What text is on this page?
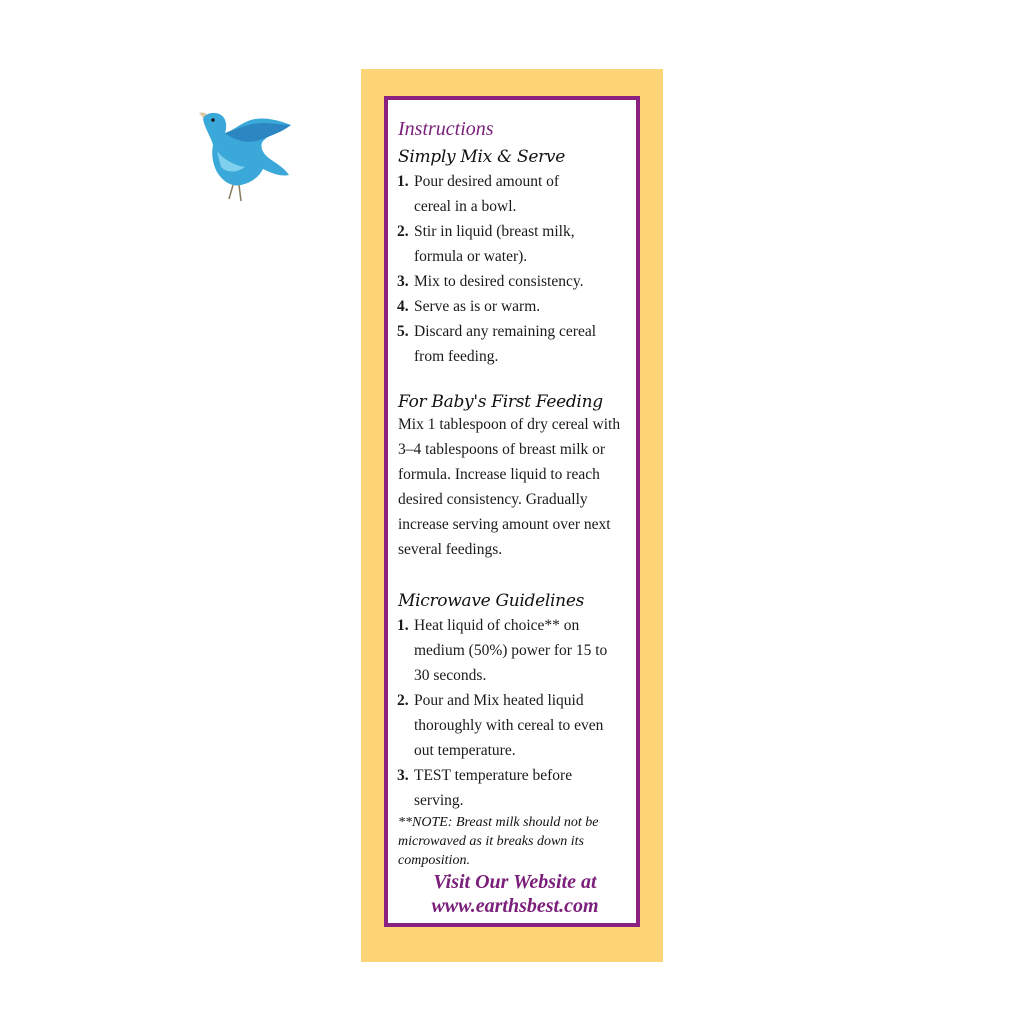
Instructions
Simply Mix & Serve
1. Pour desired amount of cereal in a bowl.
2. Stir in liquid (breast milk, formula or water).
3. Mix to desired consistency.
4. Serve as is or warm.
5. Discard any remaining cereal from feeding.
For Baby's First Feeding

Mix 1 tablespoon of dry cereal with 3–4 tablespoons of breast milk or formula. Increase liquid to reach desired consistency. Gradually increase serving amount over next several feedings.

Microwave Guidelines
1. Heat liquid of choice** on medium (50%) power for 15 to 30 seconds.
2. Pour and Mix heated liquid thoroughly with cereal to even out temperature.
3. TEST temperature before serving.

**NOTE: Breast milk should not be microwaved as it breaks down its composition.

Visit Our Website at
www.earthsbest.com
